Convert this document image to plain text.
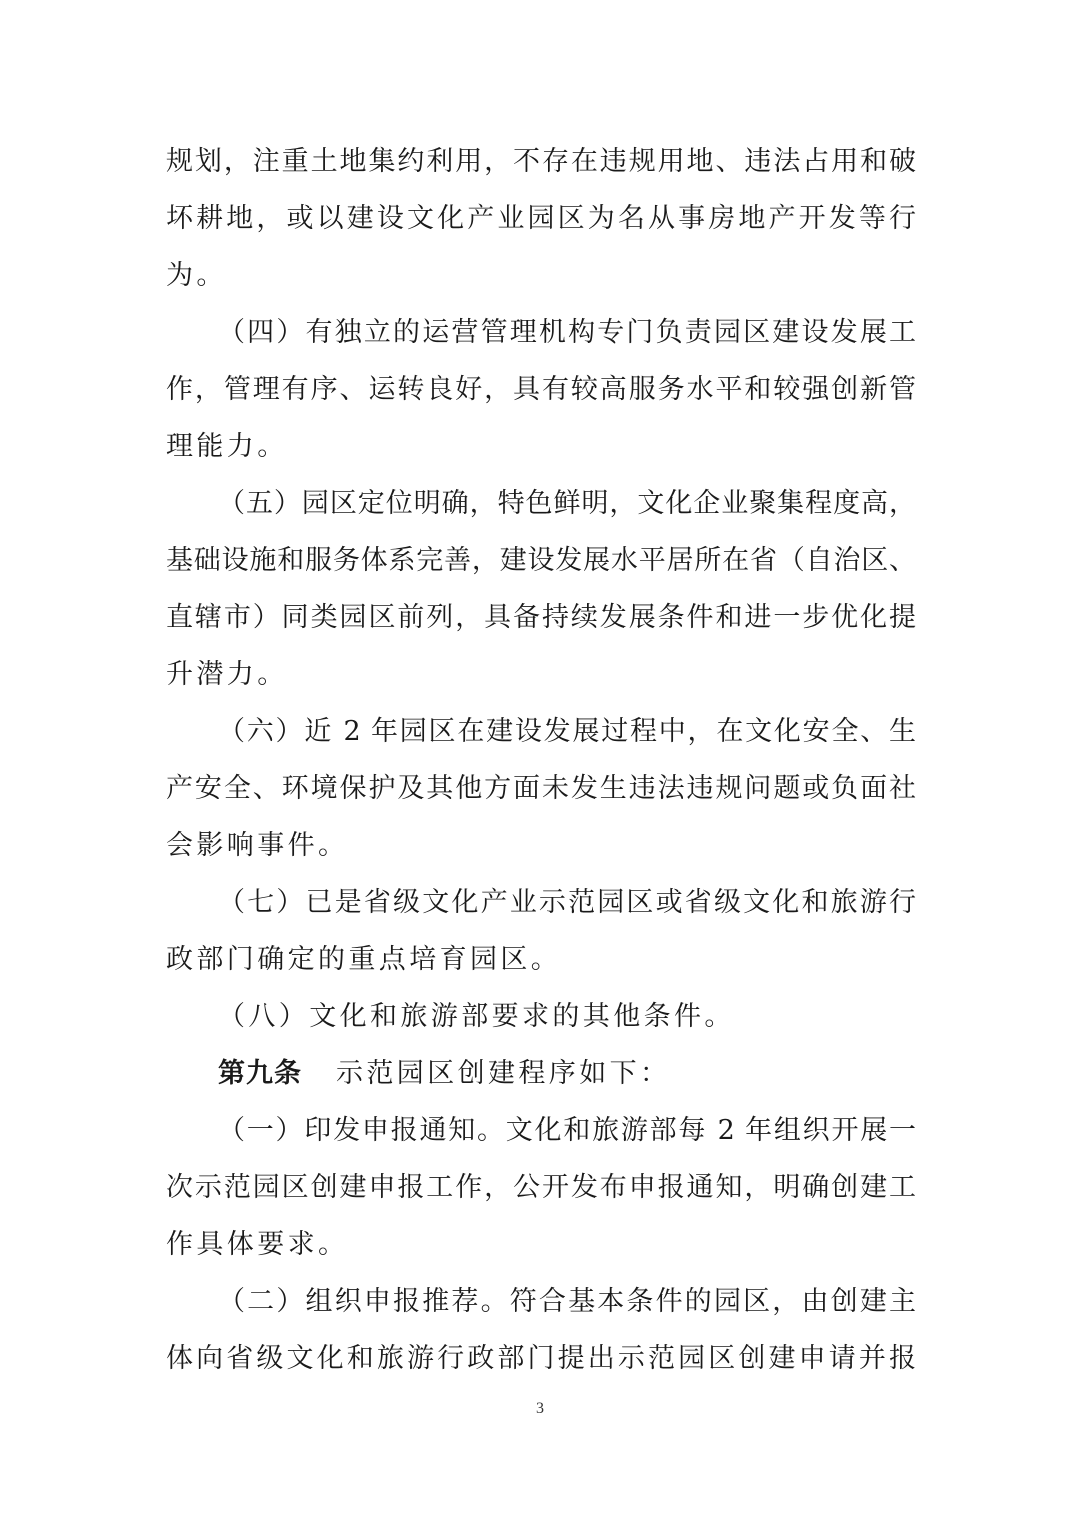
规划，注重土地集约利用，不存在违规用地、违法占用和破
坏耕地，或以建设文化产业园区为名从事房地产开发等行
为。
（四）有独立的运营管理机构专门负责园区建设发展工
作，管理有序、运转良好，具有较高服务水平和较强创新管
理能力。
（五）园区定位明确，特色鲜明，文化企业聚集程度高，
基础设施和服务体系完善，建设发展水平居所在省（自治区、
直辖市）同类园区前列，具备持续发展条件和进一步优化提
升潜力。
（六）近 2 年园区在建设发展过程中，在文化安全、生
产安全、环境保护及其他方面未发生违法违规问题或负面社
会影响事件。
（七）已是省级文化产业示范园区或省级文化和旅游行
政部门确定的重点培育园区。
（八）文化和旅游部要求的其他条件。
第九条 示范园区创建程序如下：
（一）印发申报通知。文化和旅游部每 2 年组织开展一
次示范园区创建申报工作，公开发布申报通知，明确创建工
作具体要求。
（二）组织申报推荐。符合基本条件的园区，由创建主
体向省级文化和旅游行政部门提出示范园区创建申请并报
3
